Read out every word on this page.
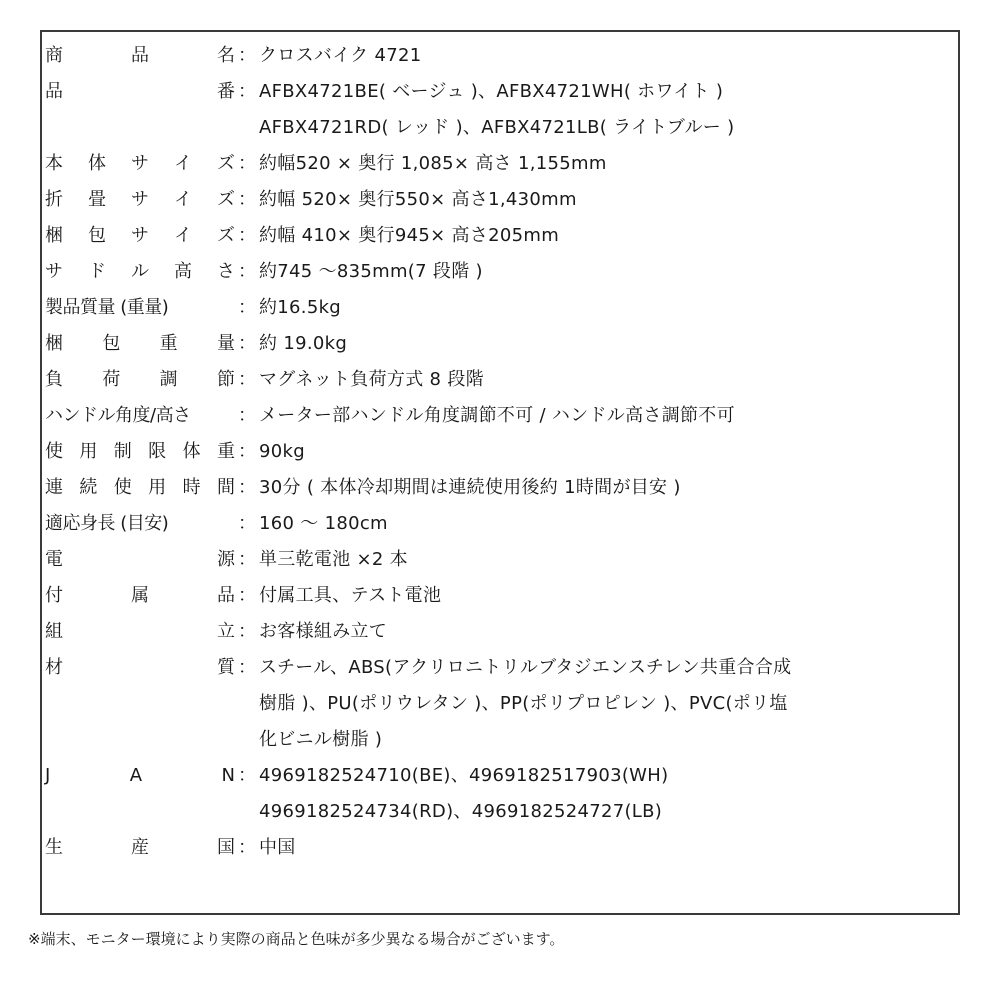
商	品	名 ： クロスバイク 4721
品	番 ： AFBX4721BE( ベージュ )、AFBX4721WH( ホワイト )
AFBX4721RD( レッド )、AFBX4721LB( ライトブルー )
本 体 サ イ ズ ： 約幅520 × 奥行 1,085× 高さ 1,155mm
折 畳 サ イ ズ ： 約幅 520× 奥行550× 高さ1,430mm
梱 包 サ イ ズ ： 約幅 410× 奥行945× 高さ205mm
サ ド ル 高 さ ： 約745 ～835mm(7 段階 )
製品質量 (重量)	： 約16.5kg
梱 包 重 量 ： 約 19.0kg
負 荷 調 節 ： マグネット負荷方式 8 段階
ハンドル角度/高さ	： メーター部ハンドル角度調節不可 / ハンドル高さ調節不可
使 用 制 限 体 重 ： 90kg
連 続 使 用 時 間 ： 30分 ( 本体冷却期間は連続使用後約 1時間が目安 )
適応身長 (目安)	： 160 ～ 180cm
電	源 ： 単三乾電池 ×2 本
付	属	品 ： 付属工具、テスト電池
組	立 ： お客様組み立て
材	質 ： スチール、ABS(アクリロニトリルブタジエンスチレン共重合合成
樹脂 )、PU(ポリウレタン )、PP(ポリプロピレン )、PVC(ポリ塩
化ビニル樹脂 )
J	A	N ： 4969182524710(BE)、4969182517903(WH)
4969182524734(RD)、4969182524727(LB)
生	産	国 ： 中国
※端末、モニター環境により実際の商品と色味が多少異なる場合がございます。
